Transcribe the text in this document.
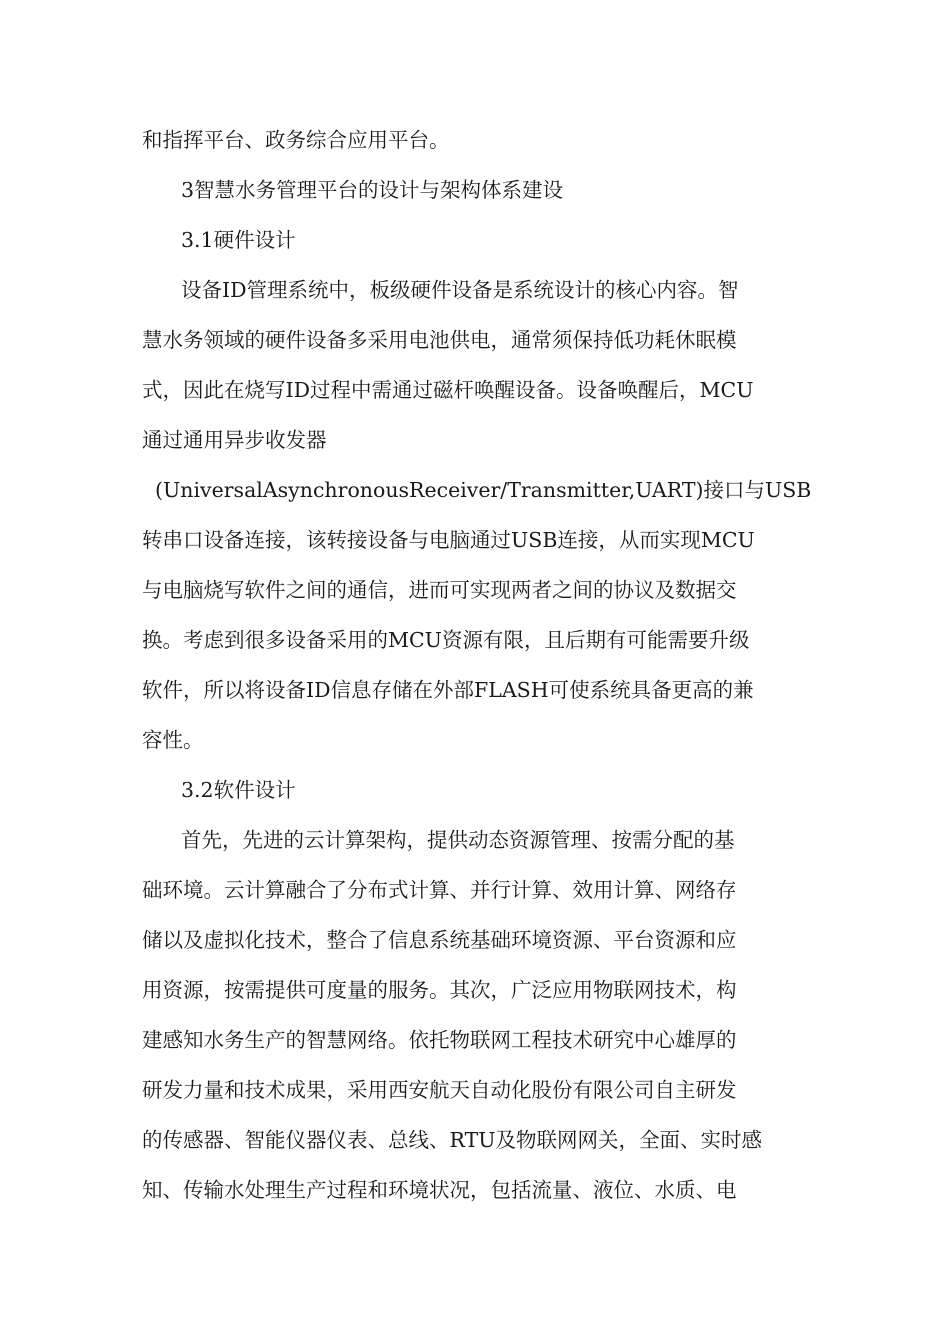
和指挥平台、政务综合应用平台。
3智慧水务管理平台的设计与架构体系建设
3.1硬件设计
设备ID管理系统中，板级硬件设备是系统设计的核心内容。智
慧水务领域的硬件设备多采用电池供电，通常须保持低功耗休眠模
式，因此在烧写ID过程中需通过磁杆唤醒设备。设备唤醒后，MCU
通过通用异步收发器
(UniversalAsynchronousReceiver/Transmitter,UART)接口与USB
转串口设备连接，该转接设备与电脑通过USB连接，从而实现MCU
与电脑烧写软件之间的通信，进而可实现两者之间的协议及数据交
换。考虑到很多设备采用的MCU资源有限，且后期有可能需要升级
软件，所以将设备ID信息存储在外部FLASH可使系统具备更高的兼
容性。
3.2软件设计
首先，先进的云计算架构，提供动态资源管理、按需分配的基
础环境。云计算融合了分布式计算、并行计算、效用计算、网络存
储以及虚拟化技术，整合了信息系统基础环境资源、平台资源和应
用资源，按需提供可度量的服务。其次，广泛应用物联网技术，构
建感知水务生产的智慧网络。依托物联网工程技术研究中心雄厚的
研发力量和技术成果，采用西安航天自动化股份有限公司自主研发
的传感器、智能仪器仪表、总线、RTU及物联网网关，全面、实时感
知、传输水处理生产过程和环境状况，包括流量、液位、水质、电
